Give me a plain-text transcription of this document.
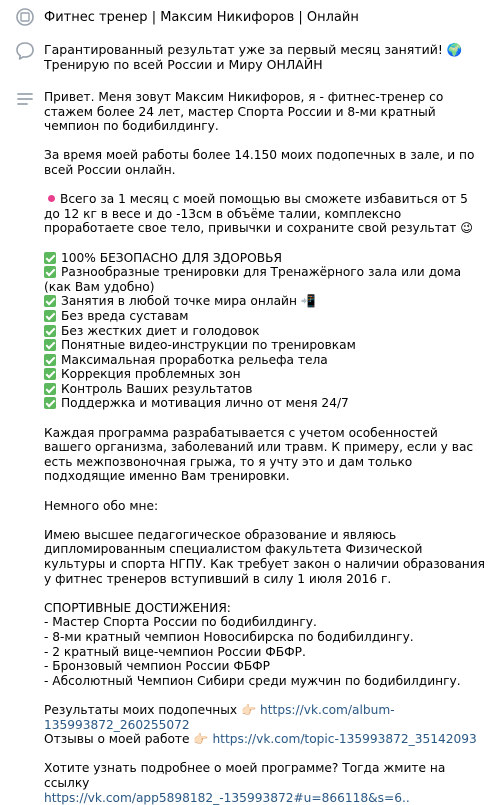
Фитнес тренер | Максим Никифоров | Онлайн
Гарантированный результат уже за первый месяц занятий! 🌍 Тренирую по всей России и Миру ОНЛАЙН

Привет. Меня зовут Максим Никифоров, я - фитнес-тренер со стажем более 24 лет, мастер Спорта России и 8-ми кратный чемпион по бодибилдингу.

За время моей работы более 14.150 моих подопечных в зале, и по всей России онлайн.

Всего за 1 месяц с моей помощью вы сможете избавиться от 5 до 12 кг в весе и до -13см в объёме талии, комплексно проработаете свое тело, привычки и сохраните свой результат 😉

100% БЕЗОПАСНО ДЛЯ ЗДОРОВЬЯ
Разнообразные тренировки для Тренажёрного зала или дома (как Вам удобно)
Занятия в любой точке мира онлайн 📲
Без вреда суставам
Без жестких диет и голодовок
Понятные видео-инструкции по тренировкам
Максимальная проработка рельефа тела
Коррекция проблемных зон
Контроль Ваших результатов
Поддержка и мотивация лично от меня 24/7

Каждая программа разрабатывается с учетом особенностей вашего организма, заболеваний или травм. К примеру, если у вас есть межпозвоночная грыжа, то я учту это и дам только подходящие именно Вам тренировки.

Немного обо мне:

Имею высшее педагогическое образование и являюсь дипломированным специалистом факультета Физической культуры и спорта НГПУ. Как требует закон о наличии образования у фитнес тренеров вступивший в силу 1 июля 2016 г.

СПОРТИВНЫЕ ДОСТИЖЕНИЯ:

- Мастер Спорта России по бодибилдингу.
- 8-ми кратный чемпион Новосибирска по бодибилдингу.
- 2 кратный вице-чемпион России ФБФР.
- Бронзовый чемпион России ФБФР
- Абсолютный Чемпион Сибири среди мужчин по бодибилдингу.
Результаты моих подопечных 👉🏻 https://vk.com/album-135993872_260255072
Отзывы о моей работе 👉🏻 https://vk.com/topic-135993872_35142093

Хотите узнать подробнее о моей программе? Тогда жмите на ссылку

https://vk.com/app5898182_-135993872#u=866118&s=6..
